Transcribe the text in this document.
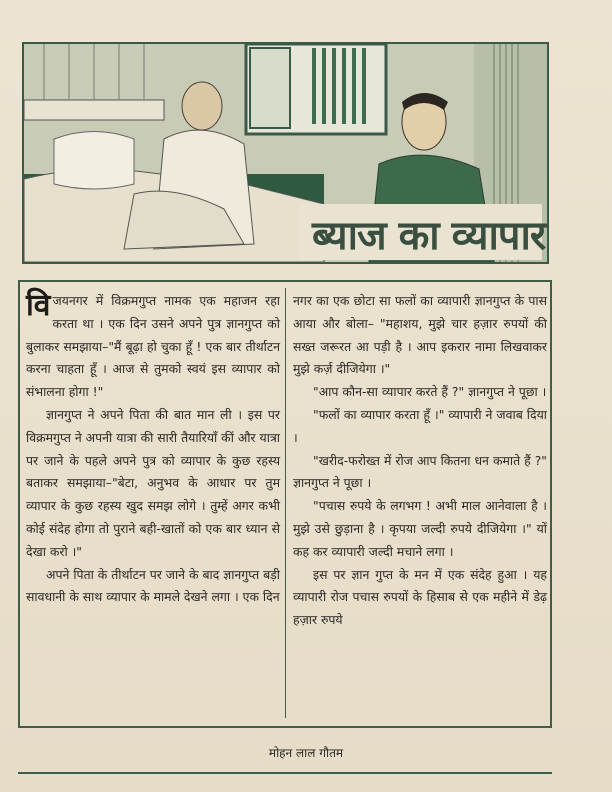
ब्याज का व्यापार

विजयनगर में विक्रमगुप्त नामक एक महाजन रहा करता था । एक दिन उसने अपने पुत्र ज्ञानगुप्त को बुलाकर समझाया–"मैं बूढ़ा हो चुका हूँ ! एक बार तीर्थाटन करना चाहता हूँ । आज से तुमको स्वयं इस व्यापार को संभालना होगा !"

ज्ञानगुप्त ने अपने पिता की बात मान ली । इस पर विक्रमगुप्त ने अपनी यात्रा की सारी तैयारियाँ कीं और यात्रा पर जाने के पहले अपने पुत्र को व्यापार के कुछ रहस्य बताकर समझाया–"बेटा, अनुभव के आधार पर तुम व्यापार के कुछ रहस्य खुद समझ लोगे । तुम्हें अगर कभी कोई संदेह होगा तो पुराने बही-खातों को एक बार ध्यान से देखा करो ।"

अपने पिता के तीर्थाटन पर जाने के बाद ज्ञानगुप्त बड़ी सावधानी के साथ व्यापार के मामले देखने लगा । एक दिन

नगर का एक छोटा सा फलों का व्यापारी ज्ञानगुप्त के पास आया और बोला– "महाशय, मुझे चार हज़ार रुपयों की सख्त जरूरत आ पड़ी है । आप इकरार नामा लिखवाकर मुझे कर्ज़ दीजियेगा ।"

"आप कौन-सा व्यापार करते हैं ?" ज्ञानगुप्त ने पूछा ।

"फलों का व्यापार करता हूँ ।" व्यापारी ने जवाब दिया ।

"खरीद-फरोख्त में रोज आप कितना धन कमाते हैं ?" ज्ञानगुप्त ने पूछा ।

"पचास रुपये के लगभग ! अभी माल आनेवाला है । मुझे उसे छुड़ाना है । कृपया जल्दी रुपये दीजियेगा ।" यों कह कर व्यापारी जल्दी मचाने लगा ।

इस पर ज्ञान गुप्त के मन में एक संदेह हुआ । यह व्यापारी रोज पचास रुपयों के हिसाब से एक महीने में डेढ़ हज़ार रुपये

मोहन लाल गौतम
